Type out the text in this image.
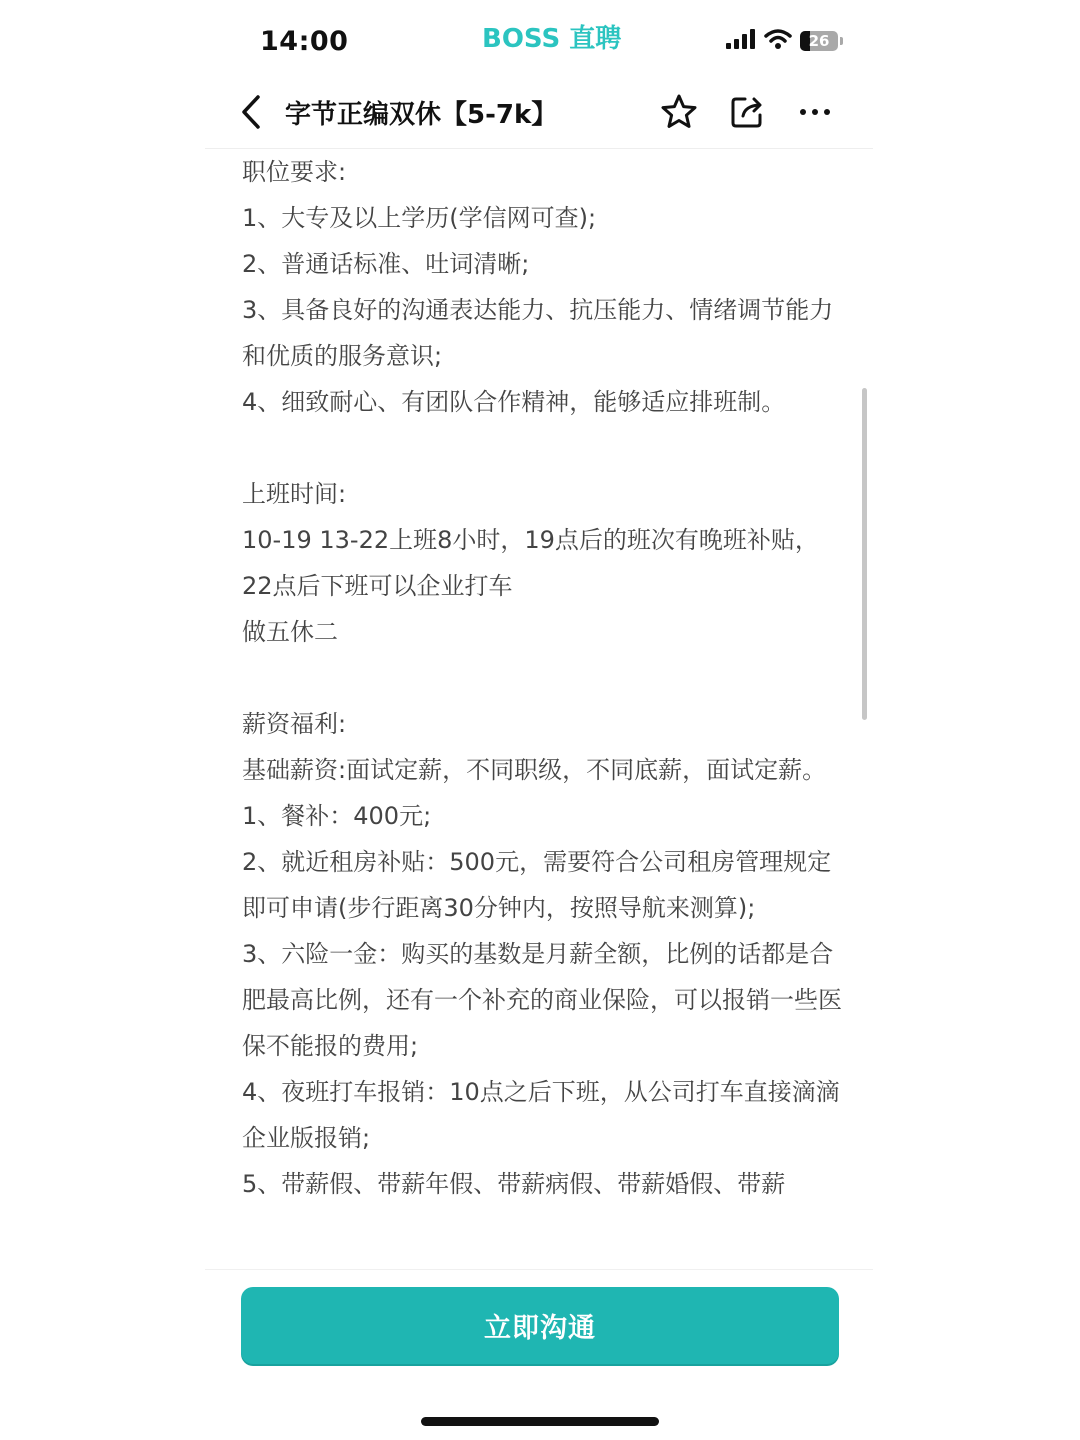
14:00	BOSS 直聘	26
字节正编双休【5-7k】

职位要求:

1、大专及以上学历(学信网可查);

2、普通话标准、吐词清晰;

3、具备良好的沟通表达能力、抗压能力、情绪调节能力和优质的服务意识;

4、细致耐心、有团队合作精神，能够适应排班制。

上班时间:

10-19 13-22上班8小时，19点后的班次有晚班补贴，22点后下班可以企业打车

做五休二

薪资福利:

基础薪资:面试定薪，不同职级，不同底薪，面试定薪。

1、餐补：400元;

2、就近租房补贴：500元，需要符合公司租房管理规定即可申请(步行距离30分钟内，按照导航来测算);

3、六险一金：购买的基数是月薪全额，比例的话都是合肥最高比例，还有一个补充的商业保险，可以报销一些医保不能报的费用;

4、夜班打车报销：10点之后下班，从公司打车直接滴滴企业版报销;

5、带薪假、带薪年假、带薪病假、带薪婚假、带薪

立即沟通
